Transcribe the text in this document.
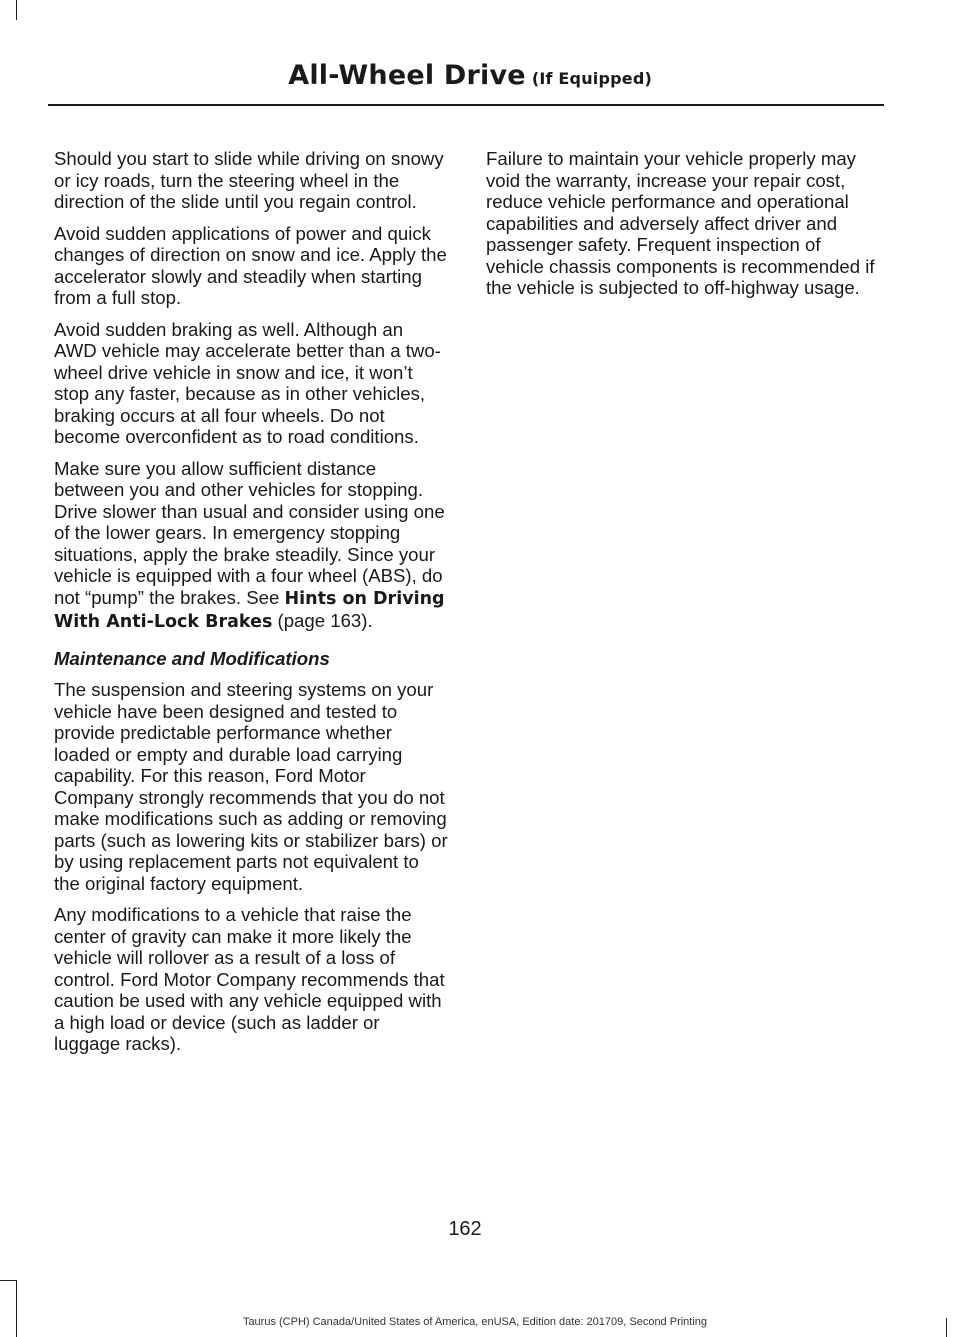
All-Wheel Drive (If Equipped)

Should you start to slide while driving on snowy or icy roads, turn the steering wheel in the direction of the slide until you regain control.

Avoid sudden applications of power and quick changes of direction on snow and ice. Apply the accelerator slowly and steadily when starting from a full stop.

Avoid sudden braking as well. Although an AWD vehicle may accelerate better than a two-wheel drive vehicle in snow and ice, it won’t stop any faster, because as in other vehicles, braking occurs at all four wheels. Do not become overconfident as to road conditions.

Make sure you allow sufficient distance between you and other vehicles for stopping. Drive slower than usual and consider using one of the lower gears. In emergency stopping situations, apply the brake steadily. Since your vehicle is equipped with a four wheel (ABS), do not “pump” the brakes. See Hints on Driving With Anti-Lock Brakes (page 163).

Maintenance and Modifications

The suspension and steering systems on your vehicle have been designed and tested to provide predictable performance whether loaded or empty and durable load carrying capability. For this reason, Ford Motor Company strongly recommends that you do not make modifications such as adding or removing parts (such as lowering kits or stabilizer bars) or by using replacement parts not equivalent to the original factory equipment.

Any modifications to a vehicle that raise the center of gravity can make it more likely the vehicle will rollover as a result of a loss of control. Ford Motor Company recommends that caution be used with any vehicle equipped with a high load or device (such as ladder or luggage racks).

Failure to maintain your vehicle properly may void the warranty, increase your repair cost, reduce vehicle performance and operational capabilities and adversely affect driver and passenger safety. Frequent inspection of vehicle chassis components is recommended if the vehicle is subjected to off-highway usage.

162
Taurus (CPH) Canada/United States of America, enUSA, Edition date: 201709, Second Printing
